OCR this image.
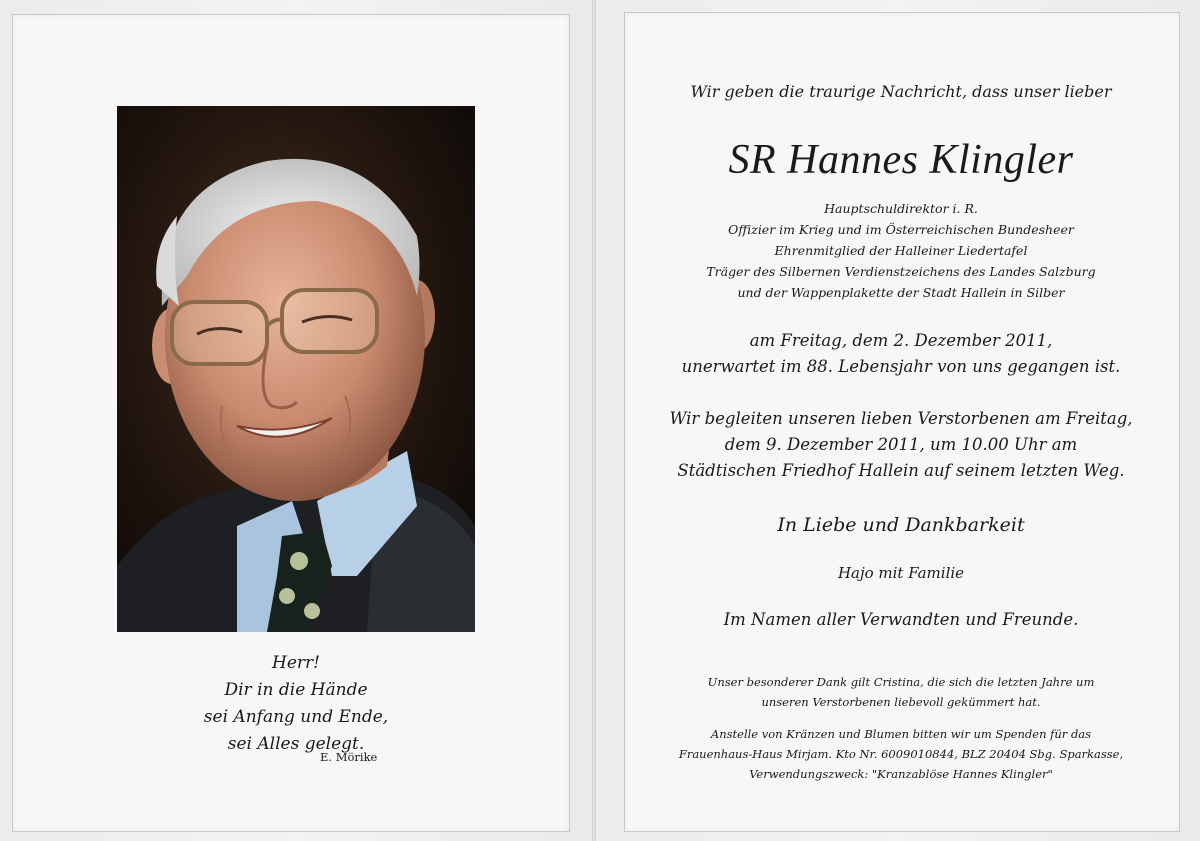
Herr!
Dir in die Hände
sei Anfang und Ende,
sei Alles gelegt.
E. Mörike
Wir geben die traurige Nachricht, dass unser lieber
SR Hannes Klingler
Hauptschuldirektor i. R.
Offizier im Krieg und im Österreichischen Bundesheer
Ehrenmitglied der Halleiner Liedertafel
Träger des Silbernen Verdienstzeichens des Landes Salzburg
und der Wappenplakette der Stadt Hallein in Silber
am Freitag, dem 2. Dezember 2011,
unerwartet im 88. Lebensjahr von uns gegangen ist.
Wir begleiten unseren lieben Verstorbenen am Freitag,
dem 9. Dezember 2011, um 10.00 Uhr am
Städtischen Friedhof Hallein auf seinem letzten Weg.
In Liebe und Dankbarkeit
Hajo mit Familie
Im Namen aller Verwandten und Freunde.
Unser besonderer Dank gilt Cristina, die sich die letzten Jahre um
unseren Verstorbenen liebevoll gekümmert hat.
Anstelle von Kränzen und Blumen bitten wir um Spenden für das
Frauenhaus-Haus Mirjam. Kto Nr. 6009010844, BLZ 20404 Sbg. Sparkasse,
Verwendungszweck: "Kranzablöse Hannes Klingler"
